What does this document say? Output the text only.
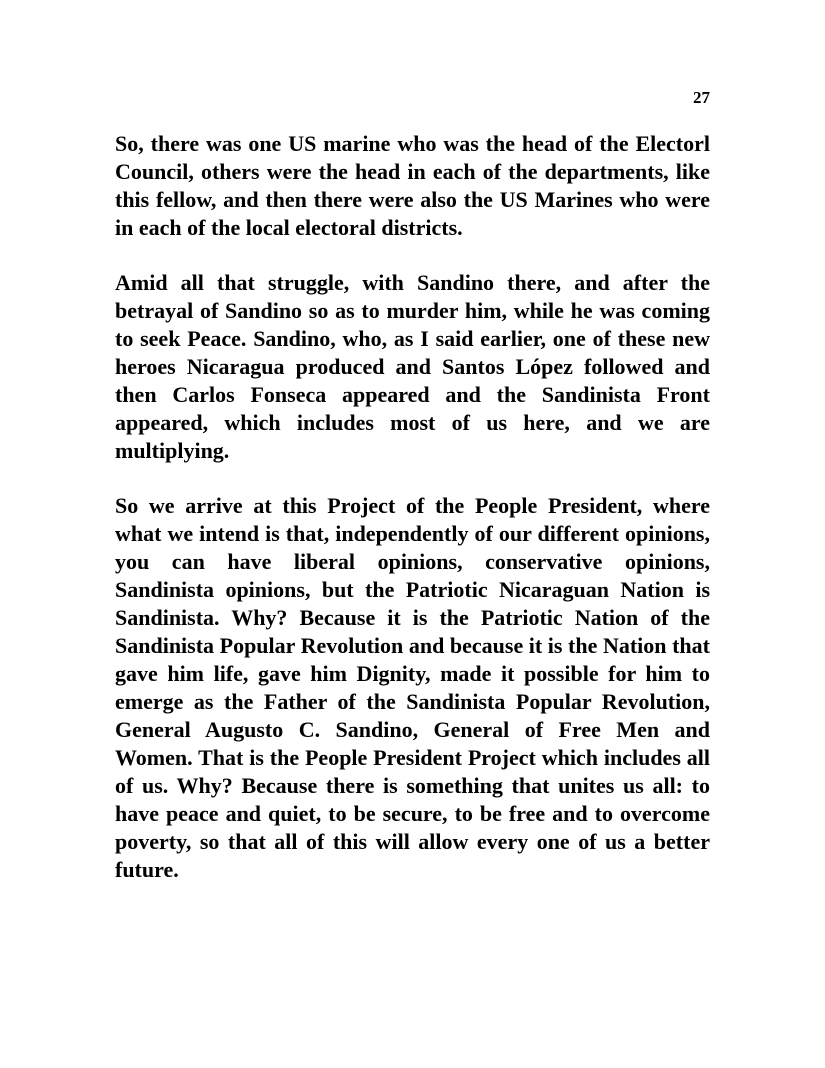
27

So, there was one US marine who was the head of the Electorl Council, others were the head in each of the departments, like this fellow, and then there were also the US Marines who were in each of the local electoral districts.

Amid all that struggle, with Sandino there, and after the betrayal of Sandino so as to murder him, while he was coming to seek Peace. Sandino, who, as I said earlier, one of these new heroes Nicaragua produced and Santos López followed and then Carlos Fonseca appeared and the Sandinista Front appeared, which includes most of us here, and we are multiplying.

So we arrive at this Project of the People President, where what we intend is that, independently of our different opinions, you can have liberal opinions, conservative opinions, Sandinista opinions, but the Patriotic Nicaraguan Nation is Sandinista. Why? Because it is the Patriotic Nation of the Sandinista Popular Revolution and because it is the Nation that gave him life, gave him Dignity, made it possible for him to emerge as the Father of the Sandinista Popular Revolution, General Augusto C. Sandino, General of Free Men and Women. That is the People President Project which includes all of us. Why? Because there is something that unites us all: to have peace and quiet, to be secure, to be free and to overcome poverty, so that all of this will allow every one of us a better future.
